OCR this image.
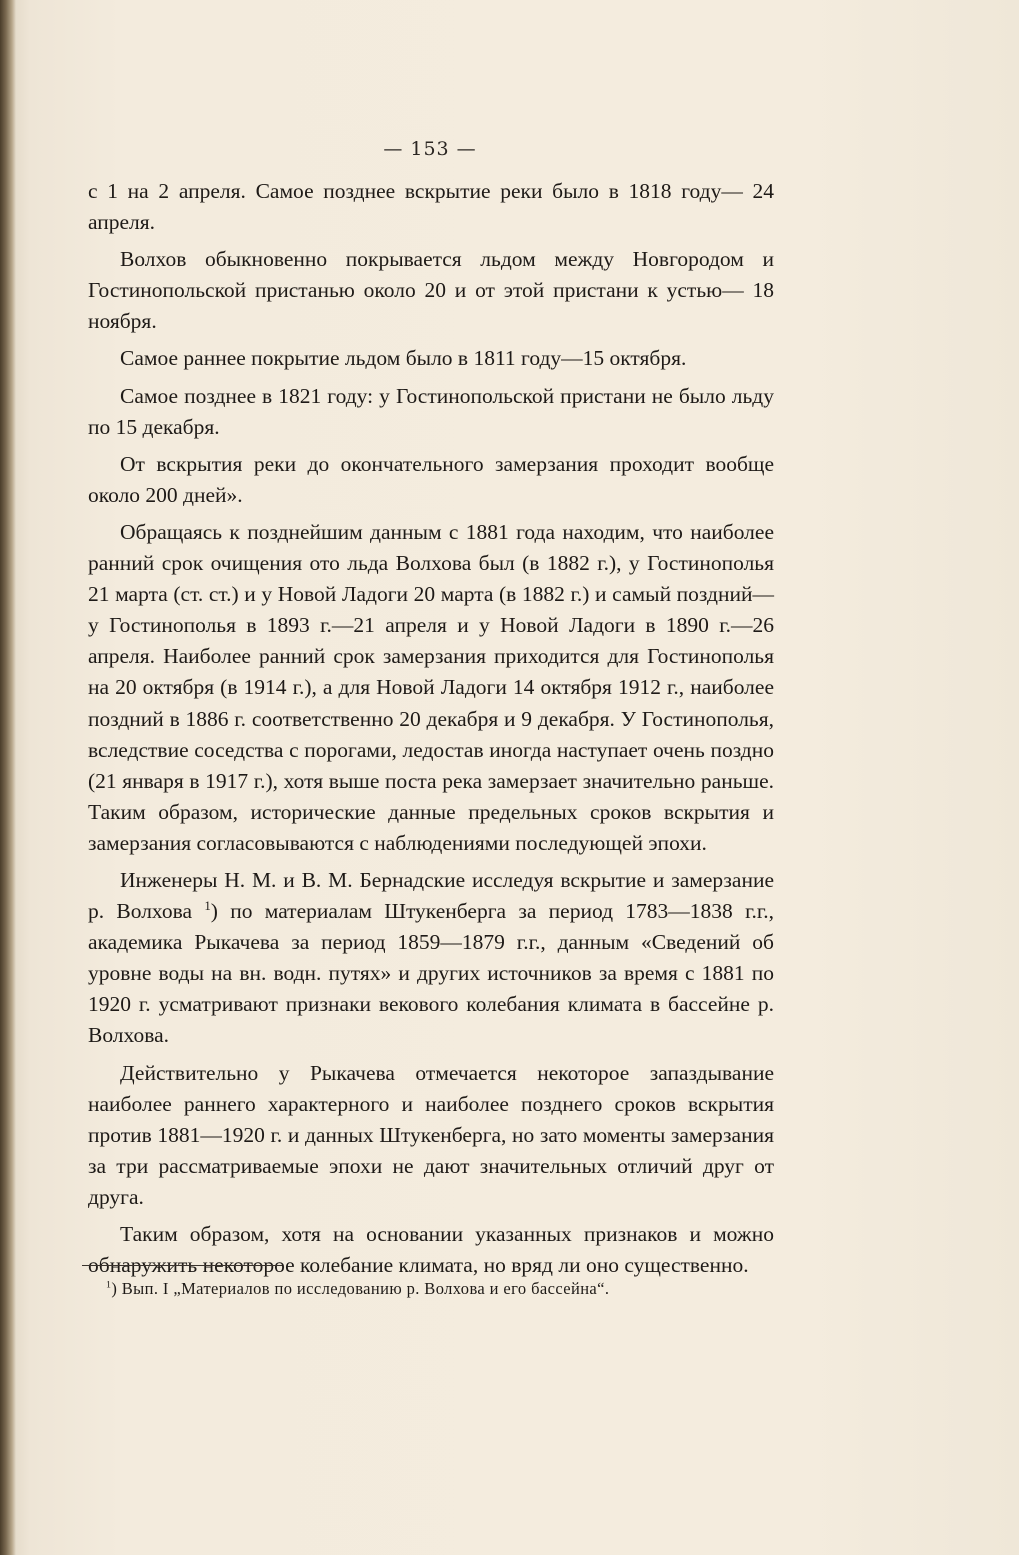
— 153 —

с 1 на 2 апреля. Самое позднее вскрытие реки было в 1818 году— 24 апреля.

Волхов обыкновенно покрывается льдом между Новгородом и Гостинопольской пристанью около 20 и от этой пристани к устью— 18 ноября.

Самое раннее покрытие льдом было в 1811 году—15 октября.

Самое позднее в 1821 году: у Гостинопольской пристани не было льду по 15 декабря.

От вскрытия реки до окончательного замерзания проходит вообще около 200 дней».

Обращаясь к позднейшим данным с 1881 года находим, что наиболее ранний срок очищения ото льда Волхова был (в 1882 г.), у Гостинополья 21 марта (ст. ст.) и у Новой Ладоги 20 марта (в 1882 г.) и самый поздний—у Гостинополья в 1893 г.—21 апреля и у Новой Ладоги в 1890 г.—26 апреля. Наиболее ранний срок замерзания приходится для Гостинополья на 20 октября (в 1914 г.), а для Новой Ладоги 14 октября 1912 г., наиболее поздний в 1886 г. соответственно 20 декабря и 9 декабря. У Гостинополья, вследствие соседства с порогами, ледостав иногда наступает очень поздно (21 января в 1917 г.), хотя выше поста река замерзает значительно раньше. Таким образом, исторические данные предельных сроков вскрытия и замерзания согласовываются с наблюдениями последующей эпохи.

Инженеры Н. М. и В. М. Бернадские исследуя вскрытие и замерзание р. Волхова $^1$) по материалам Штукенберга за период 1783—1838 г.г., академика Рыкачева за период 1859—1879 г.г., данным «Сведений об уровне воды на вн. водн. путях» и других источников за время с 1881 по 1920 г. усматривают признаки векового колебания климата в бассейне р. Волхова.

Действительно у Рыкачева отмечается некоторое запаздывание наиболее раннего характерного и наиболее позднего сроков вскрытия против 1881—1920 г. и данных Штукенберга, но зато моменты замерзания за три рассматриваемые эпохи не дают значительных отличий друг от друга.

Таким образом, хотя на основании указанных признаков и можно обнаружить некоторое колебание климата, но вряд ли оно существенно.

$^1$) Вып. I „Материалов по исследованию р. Волхова и его бассейна“.
